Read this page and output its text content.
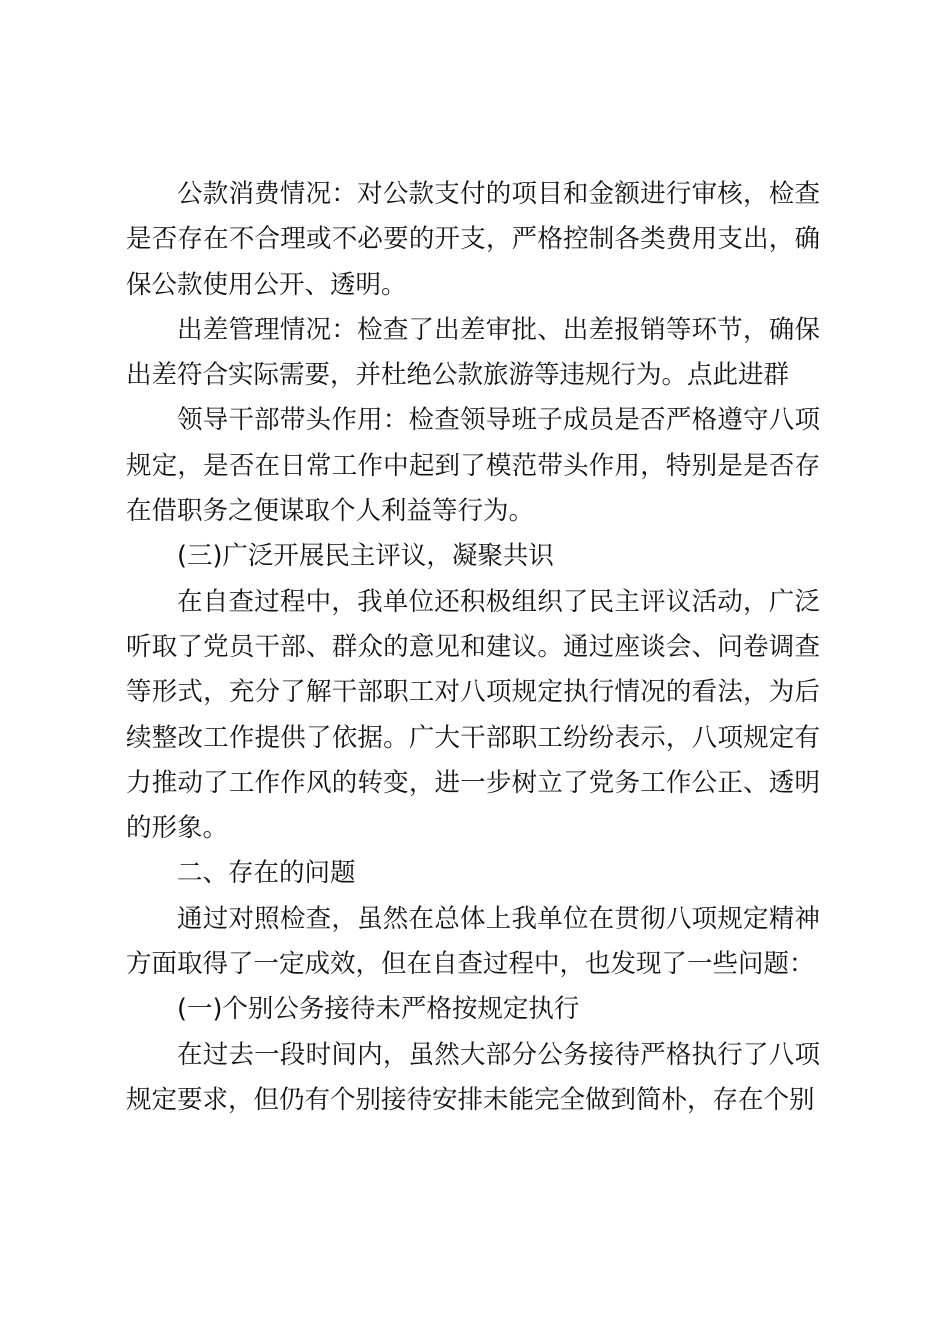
公款消费情况：对公款支付的项目和金额进行审核，检查是否存在不合理或不必要的开支，严格控制各类费用支出，确保公款使用公开、透明。

出差管理情况：检查了出差审批、出差报销等环节，确保出差符合实际需要，并杜绝公款旅游等违规行为。点此进群

领导干部带头作用：检查领导班子成员是否严格遵守八项规定，是否在日常工作中起到了模范带头作用，特别是是否存在借职务之便谋取个人利益等行为。

(三)广泛开展民主评议，凝聚共识

在自查过程中，我单位还积极组织了民主评议活动，广泛听取了党员干部、群众的意见和建议。通过座谈会、问卷调查等形式，充分了解干部职工对八项规定执行情况的看法，为后续整改工作提供了依据。广大干部职工纷纷表示，八项规定有力推动了工作作风的转变，进一步树立了党务工作公正、透明的形象。

二、存在的问题

通过对照检查，虽然在总体上我单位在贯彻八项规定精神方面取得了一定成效，但在自查过程中，也发现了一些问题：

(一)个别公务接待未严格按规定执行

在过去一段时间内，虽然大部分公务接待严格执行了八项规定要求，但仍有个别接待安排未能完全做到简朴，存在个别
